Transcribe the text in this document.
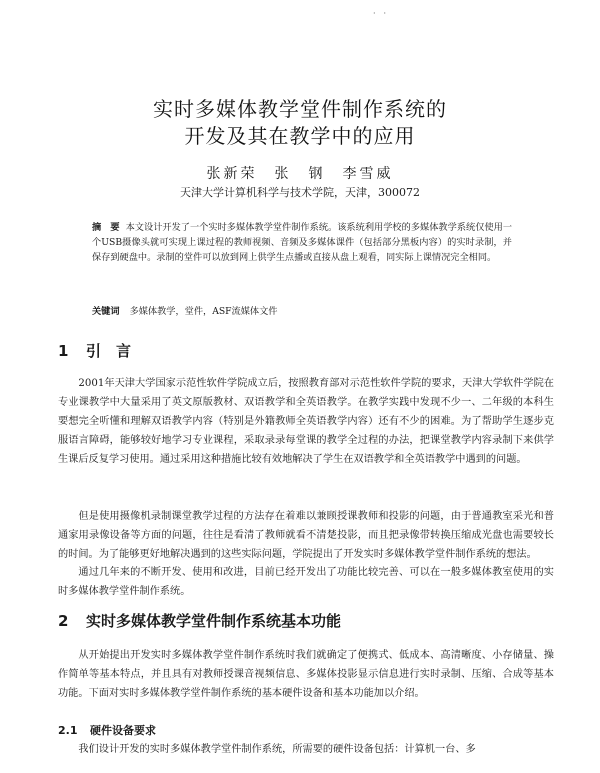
·　·
实时多媒体教学堂件制作系统的
开发及其在教学中的应用
张新荣　张　钢　李雪威
天津大学计算机科学与技术学院，天津，300072
摘　要 本文设计开发了一个实时多媒体教学堂件制作系统。该系统利用学校的多媒体教学系统仅使用一个USB摄像头就可实现上课过程的教师视频、音频及多媒体课件（包括部分黑板内容）的实时录制，并保存到硬盘中。录制的堂件可以放到网上供学生点播或直接从盘上观看，同实际上课情况完全相同。
关键词 多媒体教学，堂件，ASF流媒体文件
1 引　言
2001年天津大学国家示范性软件学院成立后，按照教育部对示范性软件学院的要求，天津大学软件学院在专业课教学中大量采用了英文原版教材、双语教学和全英语教学。在教学实践中发现不少一、二年级的本科生要想完全听懂和理解双语教学内容（特别是外籍教师全英语教学内容）还有不少的困难。为了帮助学生逐步克服语言障碍，能够较好地学习专业课程，采取录录每堂课的教学全过程的办法，把课堂教学内容录制下来供学生课后反复学习使用。通过采用这种措施比较有效地解决了学生在双语教学和全英语教学中遇到的问题。
但是使用摄像机录制课堂教学过程的方法存在着难以兼顾授课教师和投影的问题，由于普通教室采光和普通家用录像设备等方面的问题，往往是看清了教师就看不清楚投影，而且把录像带转换压缩成光盘也需要较长的时间。为了能够更好地解决遇到的这些实际问题，学院提出了开发实时多媒体教学堂件制作系统的想法。
通过几年来的不断开发、使用和改进，目前已经开发出了功能比较完善、可以在一般多媒体教室使用的实时多媒体教学堂件制作系统。
2 实时多媒体教学堂件制作系统基本功能
从开始提出开发实时多媒体教学堂件制作系统时我们就确定了便携式、低成本、高清晰度、小存储量、操作简单等基本特点，并且具有对教师授课音视频信息、多媒体投影显示信息进行实时录制、压缩、合成等基本功能。下面对实时多媒体教学堂件制作系统的基本硬件设备和基本功能加以介绍。
2.1 硬件设备要求
我们设计开发的实时多媒体教学堂件制作系统，所需要的硬件设备包括：计算机一台、多
